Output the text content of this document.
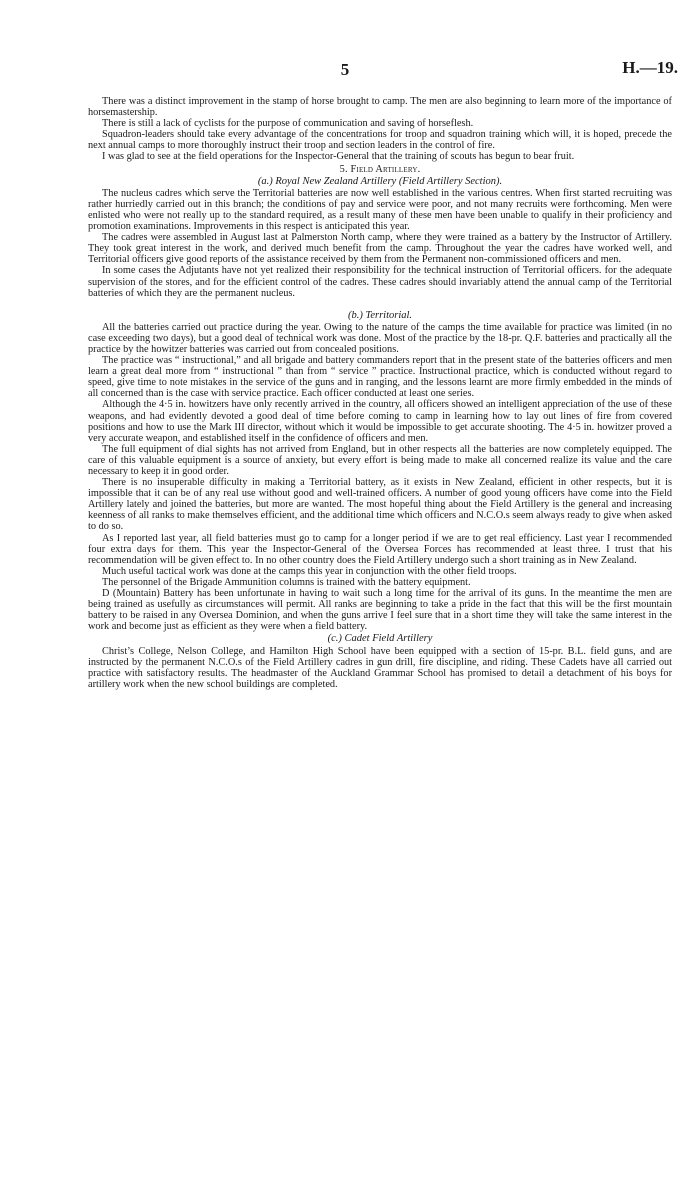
5	H.—19.

There was a distinct improvement in the stamp of horse brought to camp. The men are also beginning to learn more of the importance of horsemastership.

There is still a lack of cyclists for the purpose of communication and saving of horseflesh.

Squadron-leaders should take every advantage of the concentrations for troop and squadron training which will, it is hoped, precede the next annual camps to more thoroughly instruct their troop and section leaders in the control of fire.

I was glad to see at the field operations for the Inspector-General that the training of scouts has begun to bear fruit.

5. Field Artillery.
(a.) Royal New Zealand Artillery (Field Artillery Section).

The nucleus cadres which serve the Territorial batteries are now well established in the various centres. When first started recruiting was rather hurriedly carried out in this branch; the conditions of pay and service were poor, and not many recruits were forthcoming. Men were enlisted who were not really up to the standard required, as a result many of these men have been unable to qualify in their proficiency and promotion examinations. Improvements in this respect is anticipated this year.

The cadres were assembled in August last at Palmerston North camp, where they were trained as a battery by the Instructor of Artillery. They took great interest in the work, and derived much benefit from the camp. Throughout the year the cadres have worked well, and Territorial officers give good reports of the assistance received by them from the Permanent non-commissioned officers and men.

In some cases the Adjutants have not yet realized their responsibility for the technical instruction of Territorial officers. for the adequate supervision of the stores, and for the efficient control of the cadres. These cadres should invariably attend the annual camp of the Territorial batteries of which they are the permanent nucleus.

(b.) Territorial.

All the batteries carried out practice during the year. Owing to the nature of the camps the time available for practice was limited (in no case exceeding two days), but a good deal of technical work was done. Most of the practice by the 18-pr. Q.F. batteries and practically all the practice by the howitzer batteries was carried out from concealed positions.

The practice was “ instructional,” and all brigade and battery commanders report that in the present state of the batteries officers and men learn a great deal more from “ instructional ” than from “ service ” practice. Instructional practice, which is conducted without regard to speed, give time to note mistakes in the service of the guns and in ranging, and the lessons learnt are more firmly embedded in the minds of all concerned than is the case with service practice. Each officer conducted at least one series.

Although the 4·5 in. howitzers have only recently arrived in the country, all officers showed an intelligent appreciation of the use of these weapons, and had evidently devoted a good deal of time before coming to camp in learning how to lay out lines of fire from covered positions and how to use the Mark III director, without which it would be impossible to get accurate shooting. The 4·5 in. howitzer proved a very accurate weapon, and established itself in the confidence of officers and men.

The full equipment of dial sights has not arrived from England, but in other respects all the batteries are now completely equipped. The care of this valuable equipment is a source of anxiety, but every effort is being made to make all concerned realize its value and the care necessary to keep it in good order.

There is no insuperable difficulty in making a Territorial battery, as it exists in New Zealand, efficient in other respects, but it is impossible that it can be of any real use without good and well-trained officers. A number of good young officers have come into the Field Artillery lately and joined the batteries, but more are wanted. The most hopeful thing about the Field Artillery is the general and increasing keenness of all ranks to make themselves efficient, and the additional time which officers and N.C.O.s seem always ready to give when asked to do so.

As I reported last year, all field batteries must go to camp for a longer period if we are to get real efficiency. Last year I recommended four extra days for them. This year the Inspector-General of the Oversea Forces has recommended at least three. I trust that his recommendation will be given effect to. In no other country does the Field Artillery undergo such a short training as in New Zealand.

Much useful tactical work was done at the camps this year in conjunction with the other field troops.

The personnel of the Brigade Ammunition columns is trained with the battery equipment.

D (Mountain) Battery has been unfortunate in having to wait such a long time for the arrival of its guns. In the meantime the men are being trained as usefully as circumstances will permit. All ranks are beginning to take a pride in the fact that this will be the first mountain battery to be raised in any Oversea Dominion, and when the guns arrive I feel sure that in a short time they will take the same interest in the work and become just as efficient as they were when a field battery.

(c.) Cadet Field Artillery

Christ’s College, Nelson College, and Hamilton High School have been equipped with a section of 15-pr. B.L. field guns, and are instructed by the permanent N.C.O.s of the Field Artillery cadres in gun drill, fire discipline, and riding. These Cadets have all carried out practice with satisfactory results. The headmaster of the Auckland Grammar School has promised to detail a detachment of his boys for artillery work when the new school buildings are completed.
